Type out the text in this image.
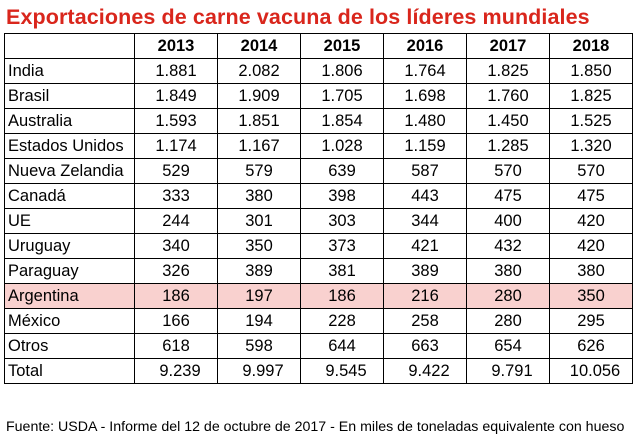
Exportaciones de carne vacuna de los líderes mundiales
	2013	2014	2015	2016	2017	2018
India	1.881	2.082	1.806	1.764	1.825	1.850
Brasil	1.849	1.909	1.705	1.698	1.760	1.825
Australia	1.593	1.851	1.854	1.480	1.450	1.525
Estados Unidos	1.174	1.167	1.028	1.159	1.285	1.320
Nueva Zelandia	529	579	639	587	570	570
Canadá	333	380	398	443	475	475
UE	244	301	303	344	400	420
Uruguay	340	350	373	421	432	420
Paraguay	326	389	381	389	380	380
Argentina	186	197	186	216	280	350
México	166	194	228	258	280	295
Otros	618	598	644	663	654	626
Total	9.239	9.997	9.545	9.422	9.791	10.056
Fuente: USDA - Informe del 12 de octubre de 2017 - En miles de toneladas equivalente con hueso
